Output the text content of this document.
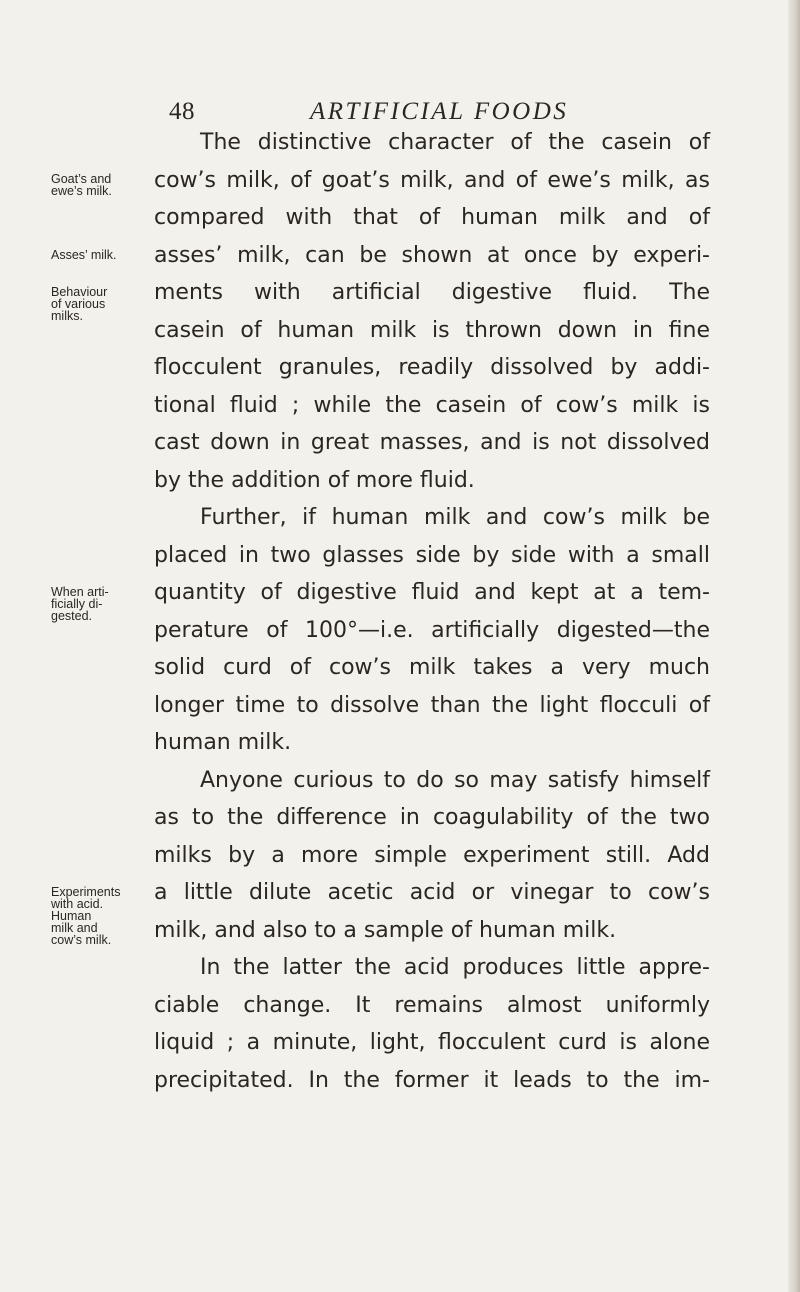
48	ARTIFICIAL FOODS
Goat’s and
ewe’s milk.
Asses’ milk.
Behaviour
of various
milks.
When arti-
ficially di-
gested.
Experiments
with acid.
Human
milk and
cow’s milk.
The distinctive character of the casein of
cow’s milk, of goat’s milk, and of ewe’s milk, as
compared with that of human milk and of
asses’ milk, can be shown at once by experi-
ments with artificial digestive fluid. The
casein of human milk is thrown down in fine
flocculent granules, readily dissolved by addi-
tional fluid ; while the casein of cow’s milk is
cast down in great masses, and is not dissolved
by the addition of more fluid.
Further, if human milk and cow’s milk be
placed in two glasses side by side with a small
quantity of digestive fluid and kept at a tem-
perature of 100°—i.e. artificially digested—the
solid curd of cow’s milk takes a very much
longer time to dissolve than the light flocculi of
human milk.
Anyone curious to do so may satisfy himself
as to the difference in coagulability of the two
milks by a more simple experiment still. Add
a little dilute acetic acid or vinegar to cow’s
milk, and also to a sample of human milk.
In the latter the acid produces little appre-
ciable change. It remains almost uniformly
liquid ; a minute, light, flocculent curd is alone
precipitated. In the former it leads to the im-
